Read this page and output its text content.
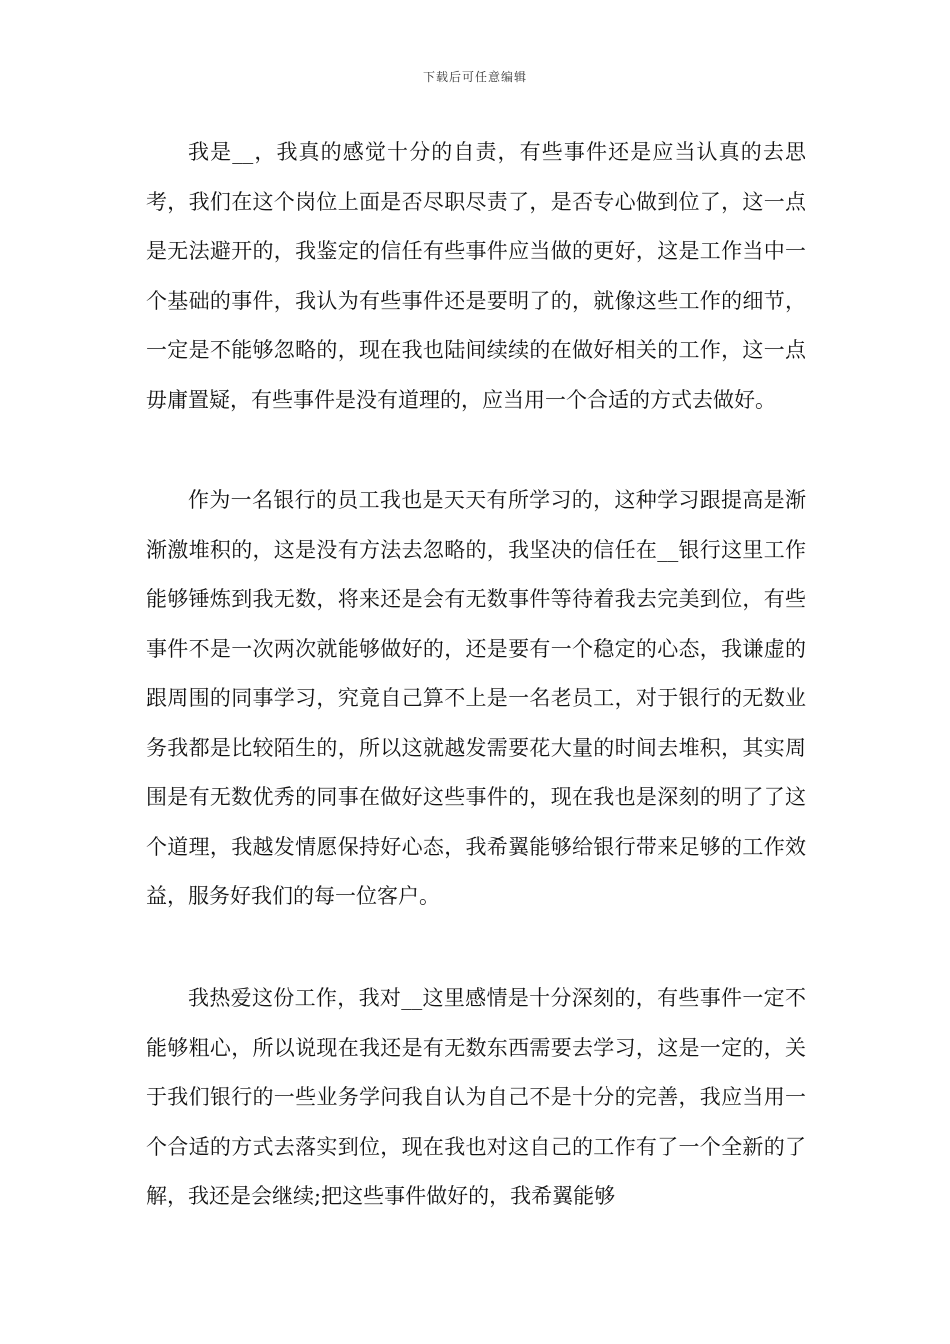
下载后可任意编辑

我是__，我真的感觉十分的自责，有些事件还是应当认真的去思考，我们在这个岗位上面是否尽职尽责了，是否专心做到位了，这一点是无法避开的，我鉴定的信任有些事件应当做的更好，这是工作当中一个基础的事件，我认为有些事件还是要明了的，就像这些工作的细节，一定是不能够忽略的，现在我也陆间续续的在做好相关的工作，这一点毋庸置疑，有些事件是没有道理的，应当用一个合适的方式去做好。

作为一名银行的员工我也是天天有所学习的，这种学习跟提高是渐渐激堆积的，这是没有方法去忽略的，我坚决的信任在__银行这里工作能够锤炼到我无数，将来还是会有无数事件等待着我去完美到位，有些事件不是一次两次就能够做好的，还是要有一个稳定的心态，我谦虚的跟周围的同事学习，究竟自己算不上是一名老员工，对于银行的无数业务我都是比较陌生的，所以这就越发需要花大量的时间去堆积，其实周围是有无数优秀的同事在做好这些事件的，现在我也是深刻的明了了这个道理，我越发情愿保持好心态，我希翼能够给银行带来足够的工作效益，服务好我们的每一位客户。

我热爱这份工作，我对__这里感情是十分深刻的，有些事件一定不能够粗心，所以说现在我还是有无数东西需要去学习，这是一定的，关于我们银行的一些业务学问我自认为自己不是十分的完善，我应当用一个合适的方式去落实到位，现在我也对这自己的工作有了一个全新的了解，我还是会继续;把这些事件做好的，我希翼能够
